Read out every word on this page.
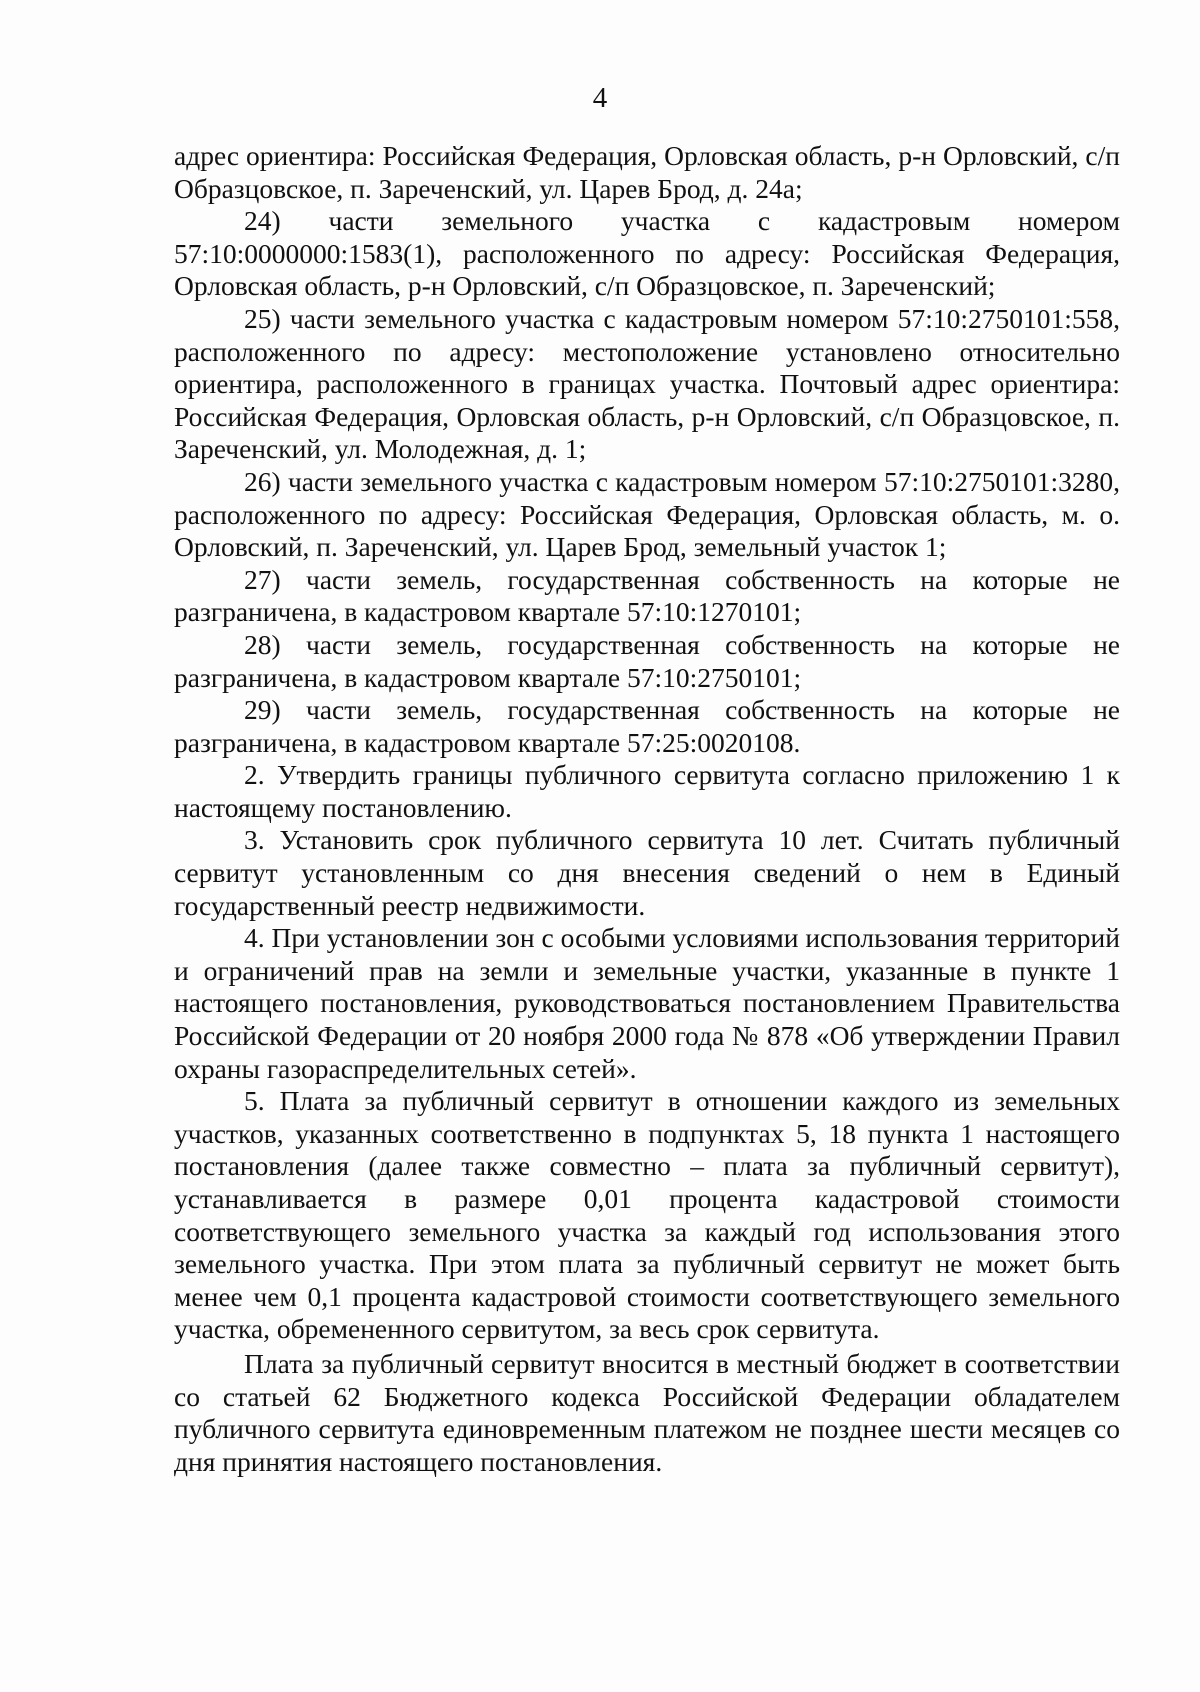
4

адрес ориентира: Российская Федерация, Орловская область, р-н Орловский, с/п Образцовское, п. Зареченский, ул. Царев Брод, д. 24а;

24) части земельного участка с кадастровым номером 57:10:0000000:1583(1), расположенного по адресу: Российская Федерация, Орловская область, р-н Орловский, с/п Образцовское, п. Зареченский;

25) части земельного участка с кадастровым номером 57:10:2750101:558, расположенного по адресу: местоположение установлено относительно ориентира, расположенного в границах участка. Почтовый адрес ориентира: Российская Федерация, Орловская область, р-н Орловский, с/п Образцовское, п. Зареченский, ул. Молодежная, д. 1;

26) части земельного участка с кадастровым номером 57:10:2750101:3280, расположенного по адресу: Российская Федерация, Орловская область, м. о. Орловский, п. Зареченский, ул. Царев Брод, земельный участок 1;

27) части земель, государственная собственность на которые не разграничена, в кадастровом квартале 57:10:1270101;

28) части земель, государственная собственность на которые не разграничена, в кадастровом квартале 57:10:2750101;

29) части земель, государственная собственность на которые не разграничена, в кадастровом квартале 57:25:0020108.

2. Утвердить границы публичного сервитута согласно приложению 1 к настоящему постановлению.

3. Установить срок публичного сервитута 10 лет. Считать публичный сервитут установленным со дня внесения сведений о нем в Единый государственный реестр недвижимости.

4. При установлении зон с особыми условиями использования территорий и ограничений прав на земли и земельные участки, указанные в пункте 1 настоящего постановления, руководствоваться постановлением Правительства Российской Федерации от 20 ноября 2000 года № 878 «Об утверждении Правил охраны газораспределительных сетей».

5. Плата за публичный сервитут в отношении каждого из земельных участков, указанных соответственно в подпунктах 5, 18 пункта 1 настоящего постановления (далее также совместно – плата за публичный сервитут), устанавливается в размере 0,01 процента кадастровой стоимости соответствующего земельного участка за каждый год использования этого земельного участка. При этом плата за публичный сервитут не может быть менее чем 0,1 процента кадастровой стоимости соответствующего земельного участка, обремененного сервитутом, за весь срок сервитута.

Плата за публичный сервитут вносится в местный бюджет в соответствии со статьей 62 Бюджетного кодекса Российской Федерации обладателем публичного сервитута единовременным платежом не позднее шести месяцев со дня принятия настоящего постановления.
